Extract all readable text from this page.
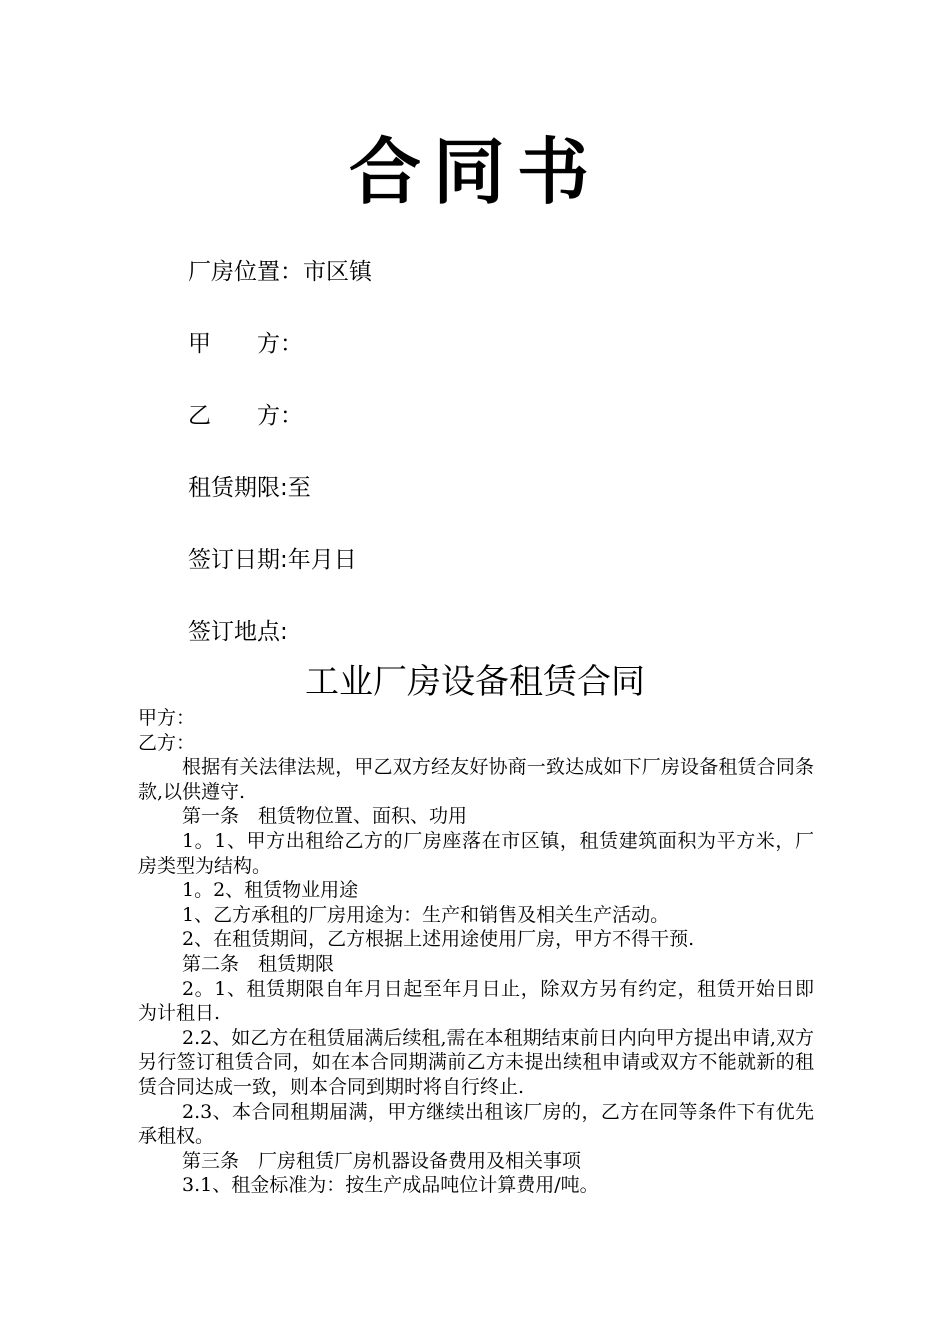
合同书
厂房位置：市区镇
甲　　方：
乙　　方：
租赁期限:至
签订日期:年月日
签订地点:
工业厂房设备租赁合同

甲方：

乙方：

根据有关法律法规，甲乙双方经友好协商一致达成如下厂房设备租赁合同条款,以供遵守.

第一条　租赁物位置、面积、功用

1。1、甲方出租给乙方的厂房座落在市区镇，租赁建筑面积为平方米，厂房类型为结构。

1。2、租赁物业用途

1、乙方承租的厂房用途为：生产和销售及相关生产活动。

2、在租赁期间，乙方根据上述用途使用厂房，甲方不得干预.

第二条　租赁期限

2。1、租赁期限自年月日起至年月日止，除双方另有约定，租赁开始日即为计租日.

2.2、如乙方在租赁届满后续租,需在本租期结束前日内向甲方提出申请,双方另行签订租赁合同，如在本合同期满前乙方未提出续租申请或双方不能就新的租赁合同达成一致，则本合同到期时将自行终止.

2.3、本合同租期届满，甲方继续出租该厂房的，乙方在同等条件下有优先承租权。

第三条　厂房租赁厂房机器设备费用及相关事项

3.1、租金标准为：按生产成品吨位计算费用/吨。
